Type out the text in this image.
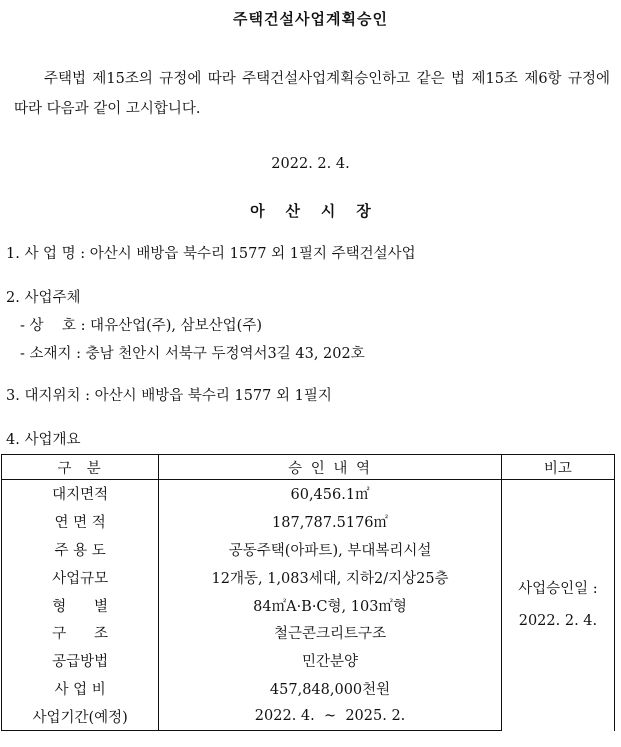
주택건설사업계획승인
주택법 제15조의 규정에 따라 주택건설사업계획승인하고 같은 법 제15조 제6항 규정에 따라 다음과 같이 고시합니다.
2022. 2. 4.
아    산    시    장
1. 사 업 명 : 아산시 배방읍 북수리 1577 외 1필지 주택건설사업
2. 사업주체
- 상    호 : 대유산업(주), 삼보산업(주)
- 소재지 : 충남 천안시 서북구 두정역서3길 43, 202호
3. 대지위치 : 아산시 배방읍 북수리 1577 외 1필지
4. 사업개요
구  분	승 인 내 역	비고
대지면적	60,456.1㎡	사업승인일 :
2022. 2. 4.

연 면 적	187,787.5176㎡	
주 용 도	공동주택(아파트), 부대복리시설	
사업규모	12개동, 1,083세대, 지하2/지상25층	
형      별	84㎡A·B·C형, 103㎡형	
구      조	철근콘크리트구조	
공급방법	민간분양	
사 업 비	457,848,000천원	
사업기간(예정)	2022. 4.  ~  2025. 2.	
